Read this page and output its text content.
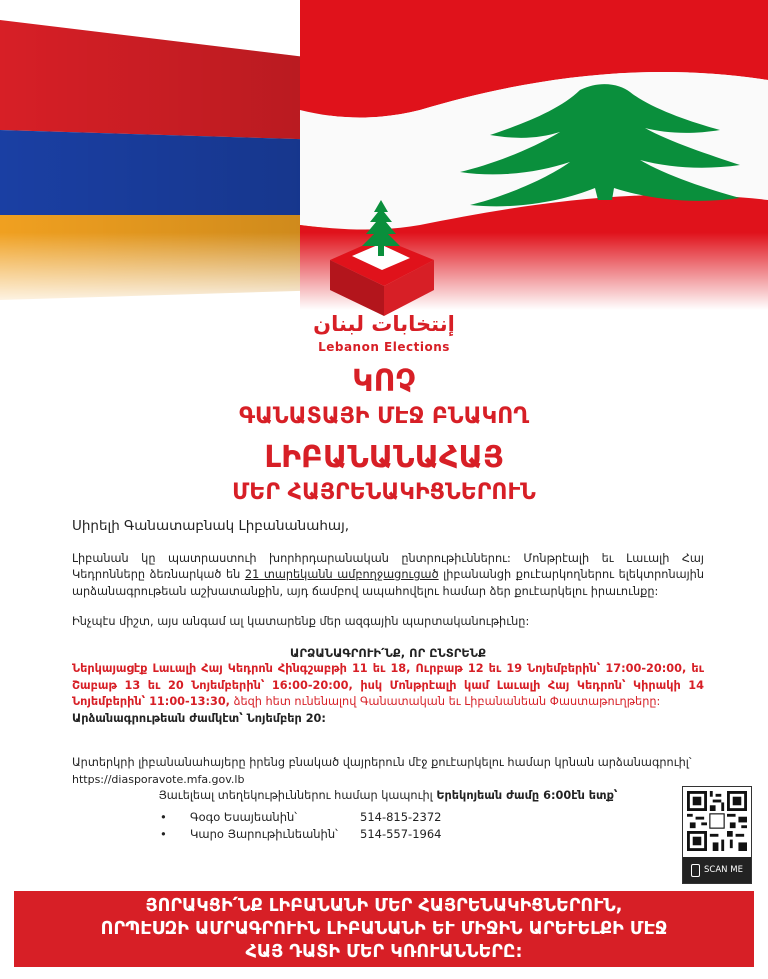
إنتخابات لبنان
Lebanon Elections
ԿՈՉ
ԳԱՆԱՏԱՅԻ ՄԷՋ ԲՆԱԿՈՂ
ԼԻԲԱՆԱՆԱՀԱՅ
ՄԵՐ ՀԱՅՐԵՆԱԿԻՑՆԵՐՈՒՆ

Սիրելի Գանատաբնակ Լիբանանահայ,

Լիբանան կը պատրաստուի խորհրդարանական ընտրութիւններու: Մոնթրէալի եւ Լաւալի Հայ Կեդրոնները ձեռնարկած են 21 տարեկանն ամբողջացուցած լիբանանցի քուէարկողներու ելեկտրոնային արձանագրութեան աշխատանքին, այդ ճամբով ապահովելու համար ձեր քուէարկելու իրաւունքը:

Ինչպէս միշտ, այս անգամ ալ կատարենք մեր ազգային պարտականութիւնը:

ԱՐՁԱՆԱԳՐՈՒԻ՛ՆՔ, ՈՐ ԸՆՏՐԵՆՔ

Ներկայացէք Լաւալի Հայ Կեդրոն Հինգշաբթի 11 եւ 18, Ուրբաթ 12 եւ 19 Նոյեմբերին՝ 17:00-20:00, եւ Շաբաթ 13 եւ 20 Նոյեմբերին՝ 16:00-20:00, իսկ Մոնթրէալի կամ Լաւալի Հայ Կեդրոն՝ Կիրակի 14 Նոյեմբերին՝ 11:00-13:30, ձեզի հետ ունենալով Գանատական եւ Լիբանանեան Փաստաթուղթերը:

Արձանագրութեան ժամկէտ՝ Նոյեմբեր 20:

Արտերկրի լիբանանահայերը իրենց բնակած վայրերուն մէջ քուէարկելու համար կրնան արձանագրուիլ՝

https://diasporavote.mfa.gov.lb

Յաւելեալ տեղեկութիւններու համար կապուիլ Երեկոյեան ժամը 6:00էն ետք՝

•	Գօգօ Եսայեանին՝	514-815-2372
•	Կարօ Յարութիւնեանին՝	514-557-1964
SCAN ME
ՅՈՐԱԿՑԻ՛ՆՔ ԼԻԲԱՆԱՆԻ ՄԵՐ ՀԱՅՐԵՆԱԿԻՑՆԵՐՈՒՆ,
ՈՐՊԷՍԶԻ ԱՄՐԱԳՐՈՒԻՆ ԼԻԲԱՆԱՆԻ ԵՒ ՄԻՋԻՆ ԱՐԵՒԵԼՔԻ ՄԷՋ
ՀԱՅ ԴԱՏԻ ՄԵՐ ԿՌՈՒԱՆՆԵՐԸ:
